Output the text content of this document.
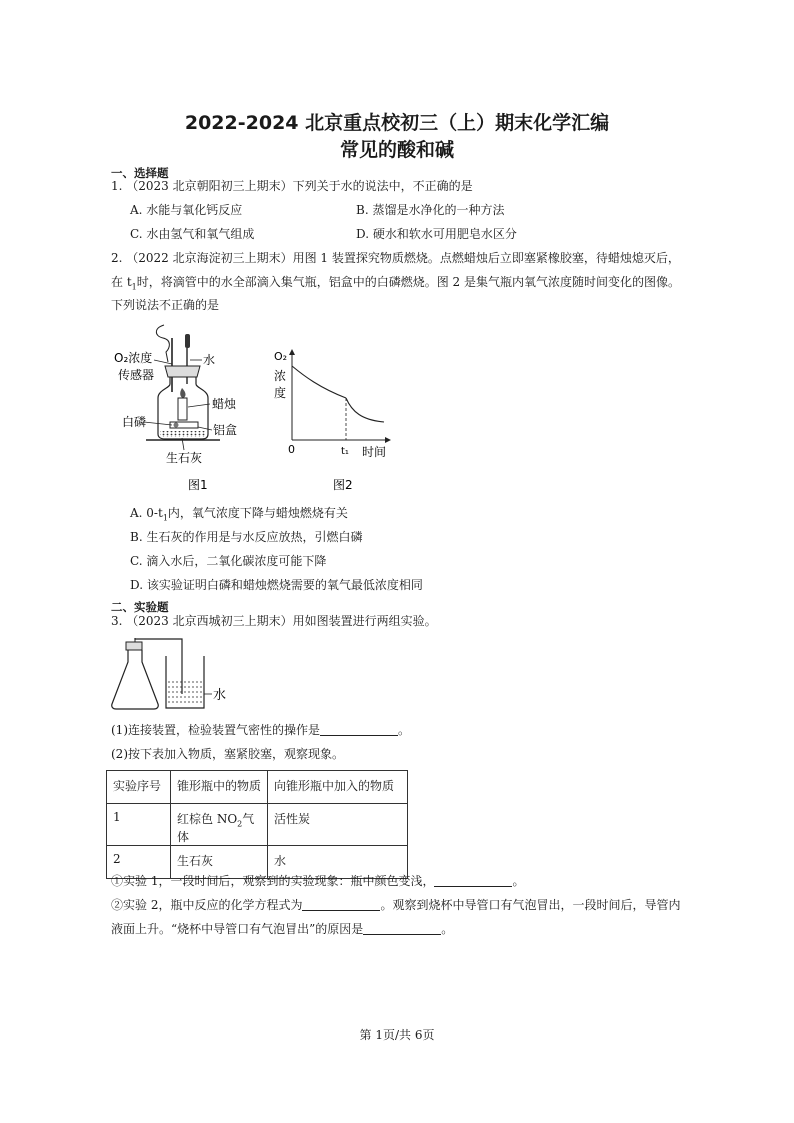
2022-2024 北京重点校初三（上）期末化学汇编
常见的酸和碱
一、选择题
1. （2023 北京朝阳初三上期末）下列关于水的说法中，不正确的是
A. 水能与氧化钙反应	B. 蒸馏是水净化的一种方法
C. 水由氢气和氧气组成	D. 硬水和软水可用肥皂水区分
2. （2022 北京海淀初三上期末）用图 1 装置探究物质燃烧。点燃蜡烛后立即塞紧橡胶塞，待蜡烛熄灭后，
在 $t_1$时，将滴管中的水全部滴入集气瓶，铝盒中的白磷燃烧。图 2 是集气瓶内氧气浓度随时间变化的图像。
下列说法不正确的是
O₂浓度
传感器
水
蜡烛
白磷
铝盒
生石灰
图1
O₂
浓
度
0	t₁ 时间
图2
A. $0-t_1$内，氧气浓度下降与蜡烛燃烧有关
B. 生石灰的作用是与水反应放热，引燃白磷
C. 滴入水后，二氧化碳浓度可能下降
D. 该实验证明白磷和蜡烛燃烧需要的氧气最低浓度相同
二、实验题
3. （2023 北京西城初三上期末）用如图装置进行两组实验。
水
(1)连接装置，检验装置气密性的操作是	。
(2)按下表加入物质，塞紧胶塞，观察现象。
实验序号	锥形瓶中的物质	向锥形瓶中加入的物质
1	红棕色 $NO_2$气体	活性炭
2	生石灰	水
①实验 1，一段时间后，观察到的实验现象：瓶中颜色变浅，	。
②实验 2，瓶中反应的化学方程式为	。观察到烧杯中导管口有气泡冒出，一段时间后，导管内
液面上升。“烧杯中导管口有气泡冒出”的原因是	。
第 1页/共 6页
